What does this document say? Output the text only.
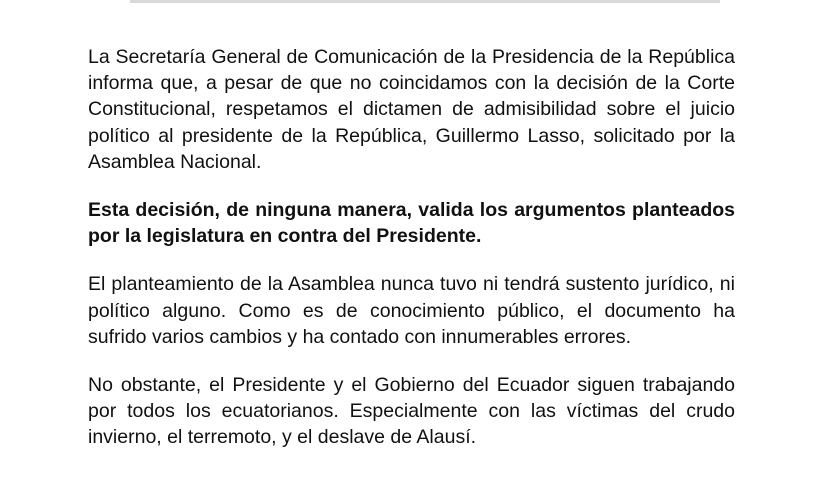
La Secretaría General de Comunicación de la Presidencia de la República informa que, a pesar de que no coincidamos con la decisión de la Corte Constitucional, respetamos el dictamen de admisibilidad sobre el juicio político al presidente de la República, Guillermo Lasso, solicitado por la Asamblea Nacional.

Esta decisión, de ninguna manera, valida los argumentos planteados por la legislatura en contra del Presidente.

El planteamiento de la Asamblea nunca tuvo ni tendrá sustento jurídico, ni político alguno. Como es de conocimiento público, el documento ha sufrido varios cambios y ha contado con innumerables errores.

No obstante, el Presidente y el Gobierno del Ecuador siguen trabajando por todos los ecuatorianos. Especialmente con las víctimas del crudo invierno, el terremoto, y el deslave de Alausí.
